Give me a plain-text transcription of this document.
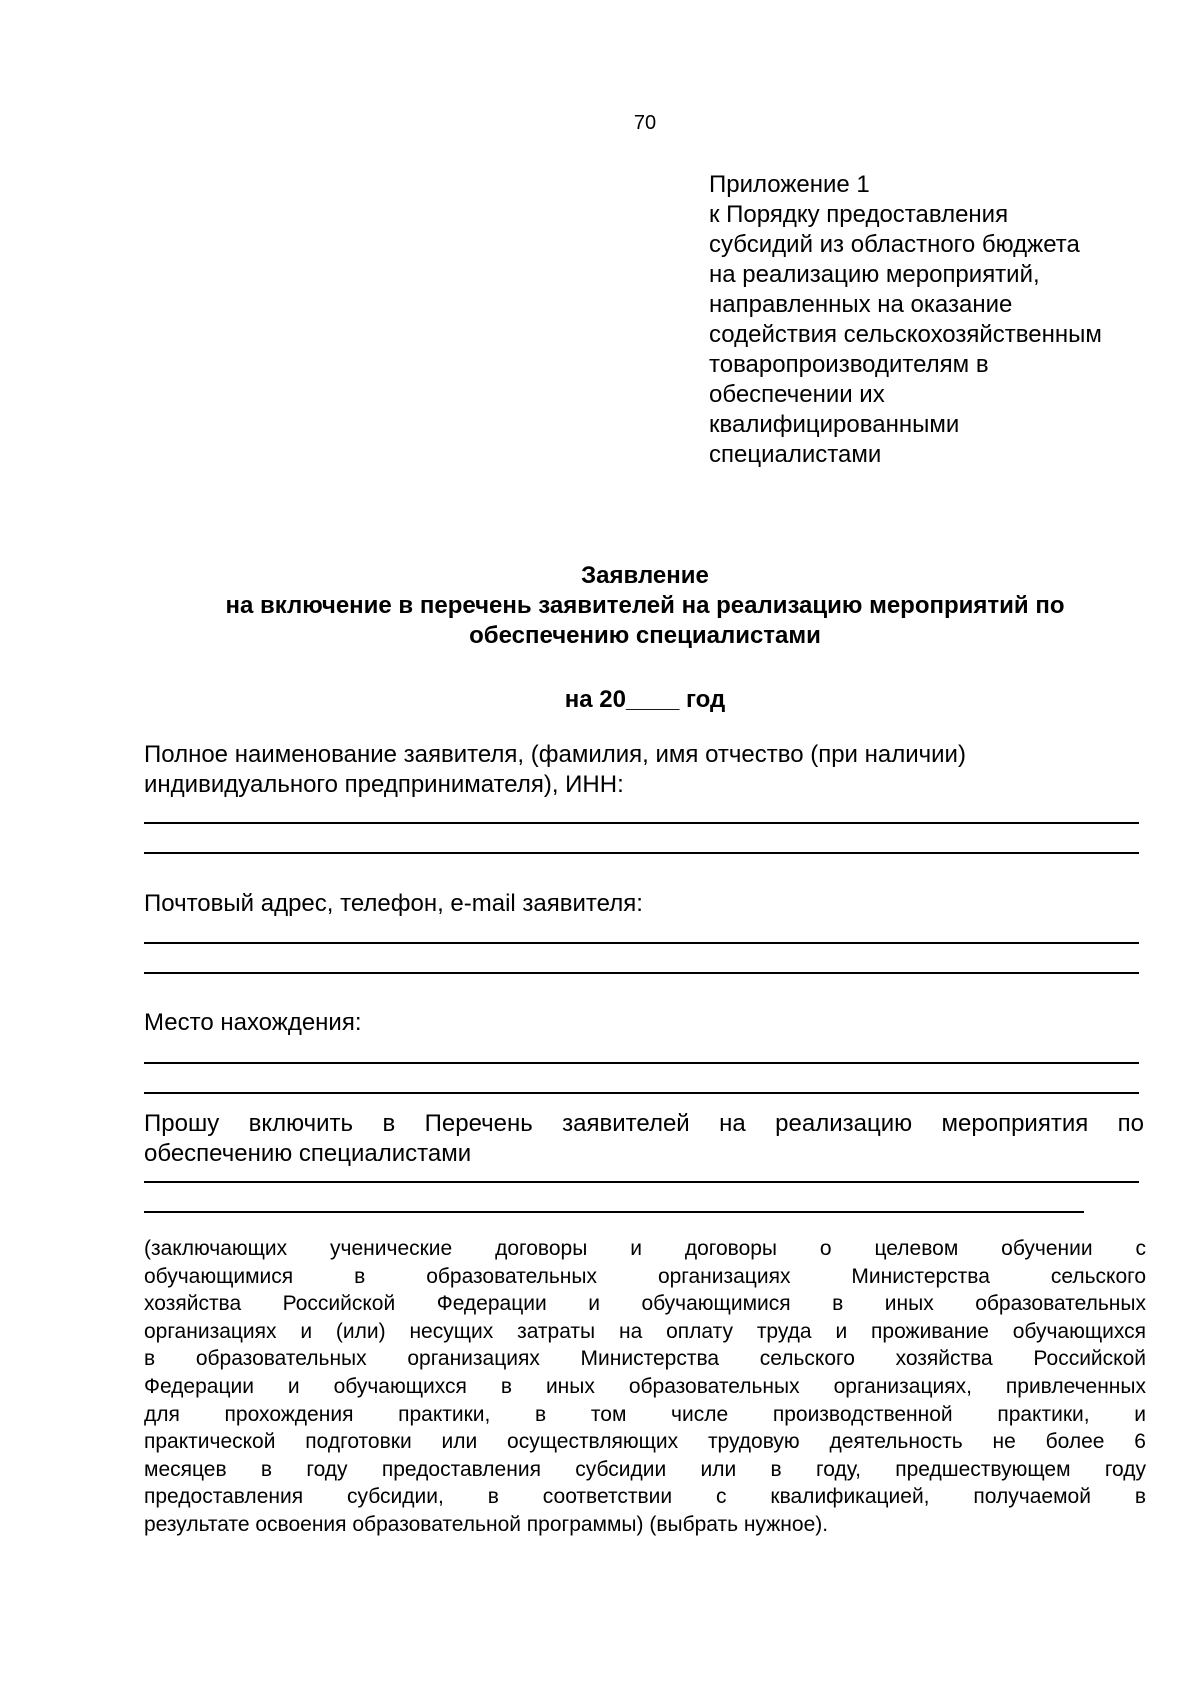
70
Приложение 1
к Порядку предоставления
субсидий из областного бюджета
на реализацию мероприятий,
направленных на оказание
содействия сельскохозяйственным
товаропроизводителям в
обеспечении их
квалифицированными
специалистами
Заявление
на включение в перечень заявителей на реализацию мероприятий по
обеспечению специалистами
на 20____ год
Полное наименование заявителя, (фамилия, имя отчество (при наличии)
индивидуального предпринимателя), ИНН:
Почтовый адрес, телефон, e-mail заявителя:
Место нахождения:
Прошу включить в Перечень заявителей на реализацию мероприятия по
обеспечению специалистами
(заключающих ученические договоры и договоры о целевом обучении с
обучающимися в образовательных организациях Министерства сельского
хозяйства Российской Федерации и обучающимися в иных образовательных
организациях и (или) несущих затраты на оплату труда и проживание обучающихся
в образовательных организациях Министерства сельского хозяйства Российской
Федерации и обучающихся в иных образовательных организациях, привлеченных
для прохождения практики, в том числе производственной практики, и
практической подготовки или осуществляющих трудовую деятельность не более 6
месяцев в году предоставления субсидии или в году, предшествующем году
предоставления субсидии, в соответствии с квалификацией, получаемой в
результате освоения образовательной программы) (выбрать нужное).
